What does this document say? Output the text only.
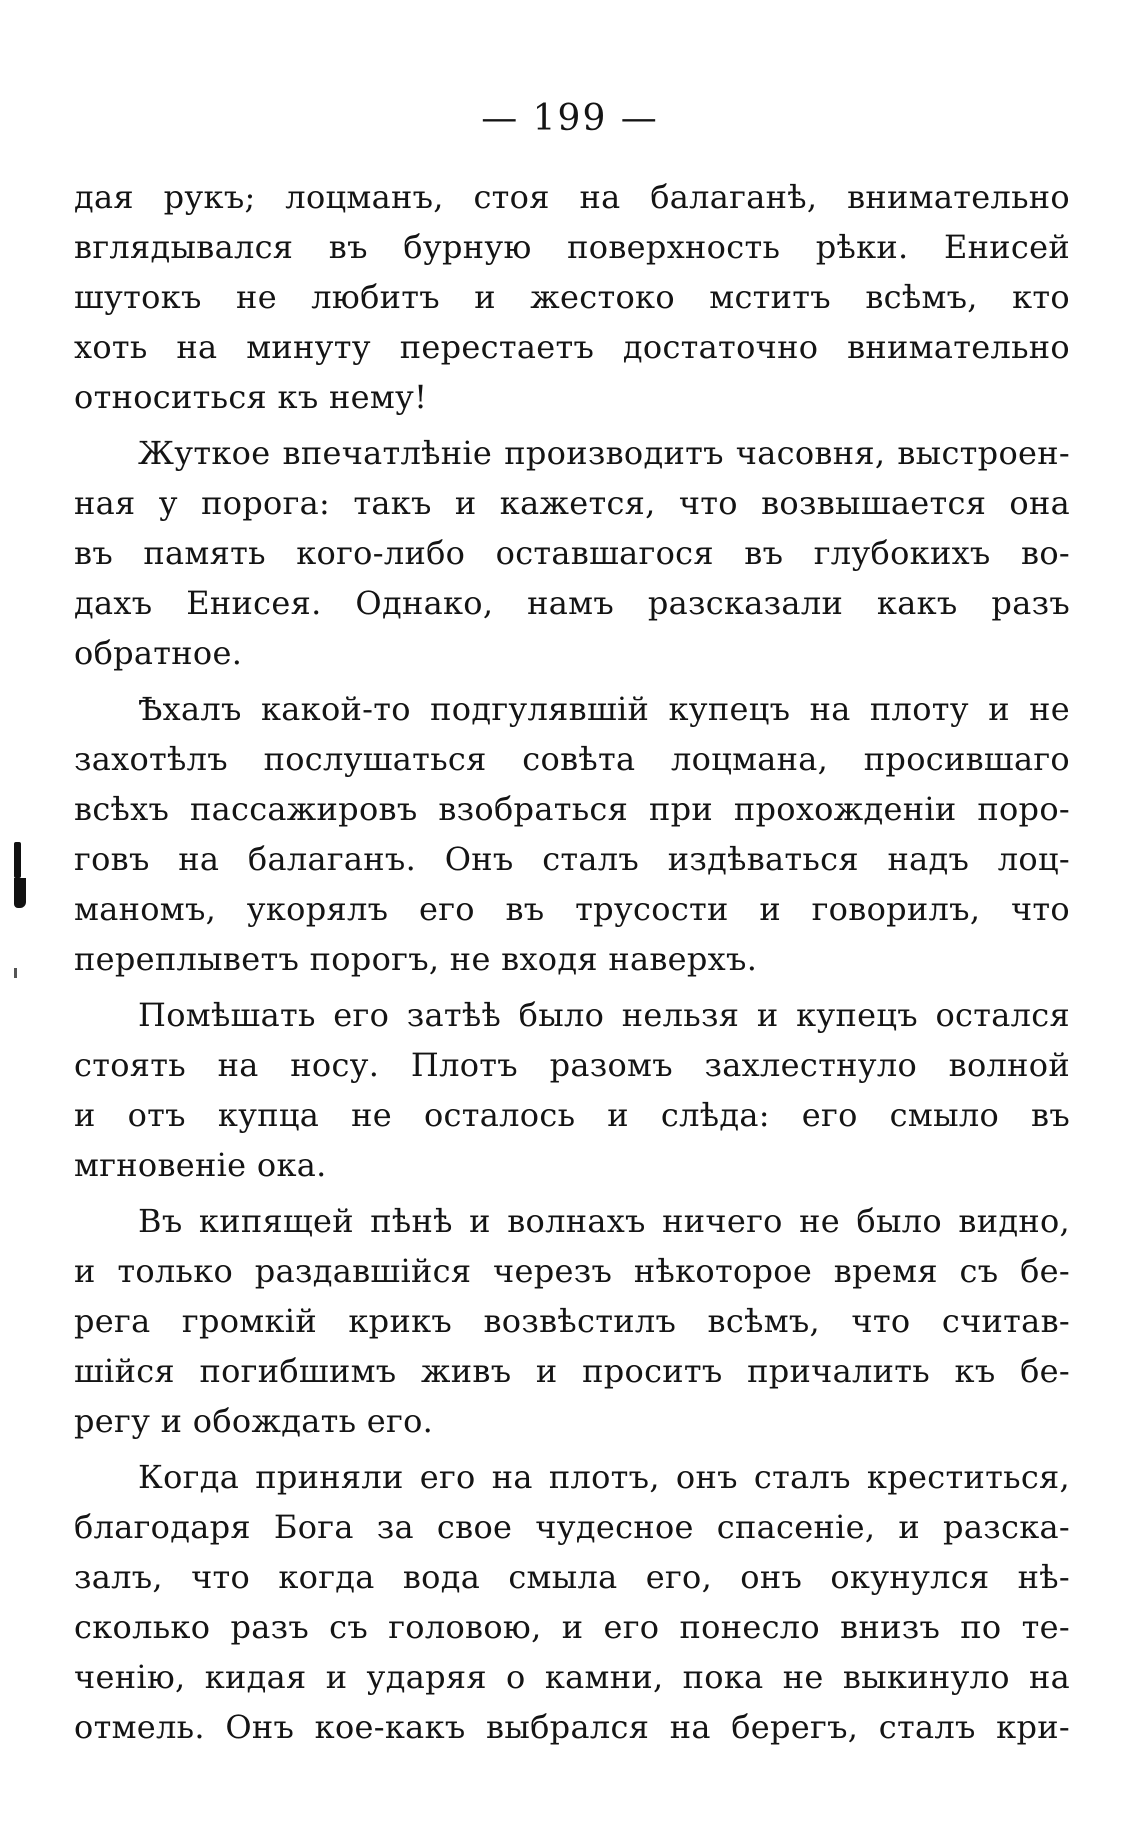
— 199 —
дая рукъ; лоцманъ, стоя на балаганѣ, внимательно
вглядывался въ бурную поверхность рѣки. Енисей
шутокъ не любитъ и жестоко мститъ всѣмъ, кто
хоть на минуту перестаетъ достаточно внимательно
относиться къ нему!
Жуткое впечатлѣніе производитъ часовня, выстроен-
ная у порога: такъ и кажется, что возвышается она
въ память кого-либо оставшагося въ глубокихъ во-
дахъ Енисея. Однако, намъ разсказали какъ разъ
обратное.
Ѣхалъ какой-то подгулявшій купецъ на плоту и не
захотѣлъ послушаться совѣта лоцмана, просившаго
всѣхъ пассажировъ взобраться при прохожденіи поро-
говъ на балаганъ. Онъ сталъ издѣваться надъ лоц-
маномъ, укорялъ его въ трусости и говорилъ, что
переплыветъ порогъ, не входя наверхъ.
Помѣшать его затѣѣ было нельзя и купецъ остался
стоять на носу. Плотъ разомъ захлестнуло волной
и отъ купца не осталось и слѣда: его смыло въ
мгновеніе ока.
Въ кипящей пѣнѣ и волнахъ ничего не было видно,
и только раздавшійся черезъ нѣкоторое время съ бе-
рега громкій крикъ возвѣстилъ всѣмъ, что считав-
шійся погибшимъ живъ и проситъ причалить къ бе-
регу и обождать его.
Когда приняли его на плотъ, онъ сталъ креститься,
благодаря Бога за свое чудесное спасеніе, и разска-
залъ, что когда вода смыла его, онъ окунулся нѣ-
сколько разъ съ головою, и его понесло внизъ по те-
ченію, кидая и ударяя о камни, пока не выкинуло на
отмель. Онъ кое-какъ выбрался на берегъ, сталъ кри-
